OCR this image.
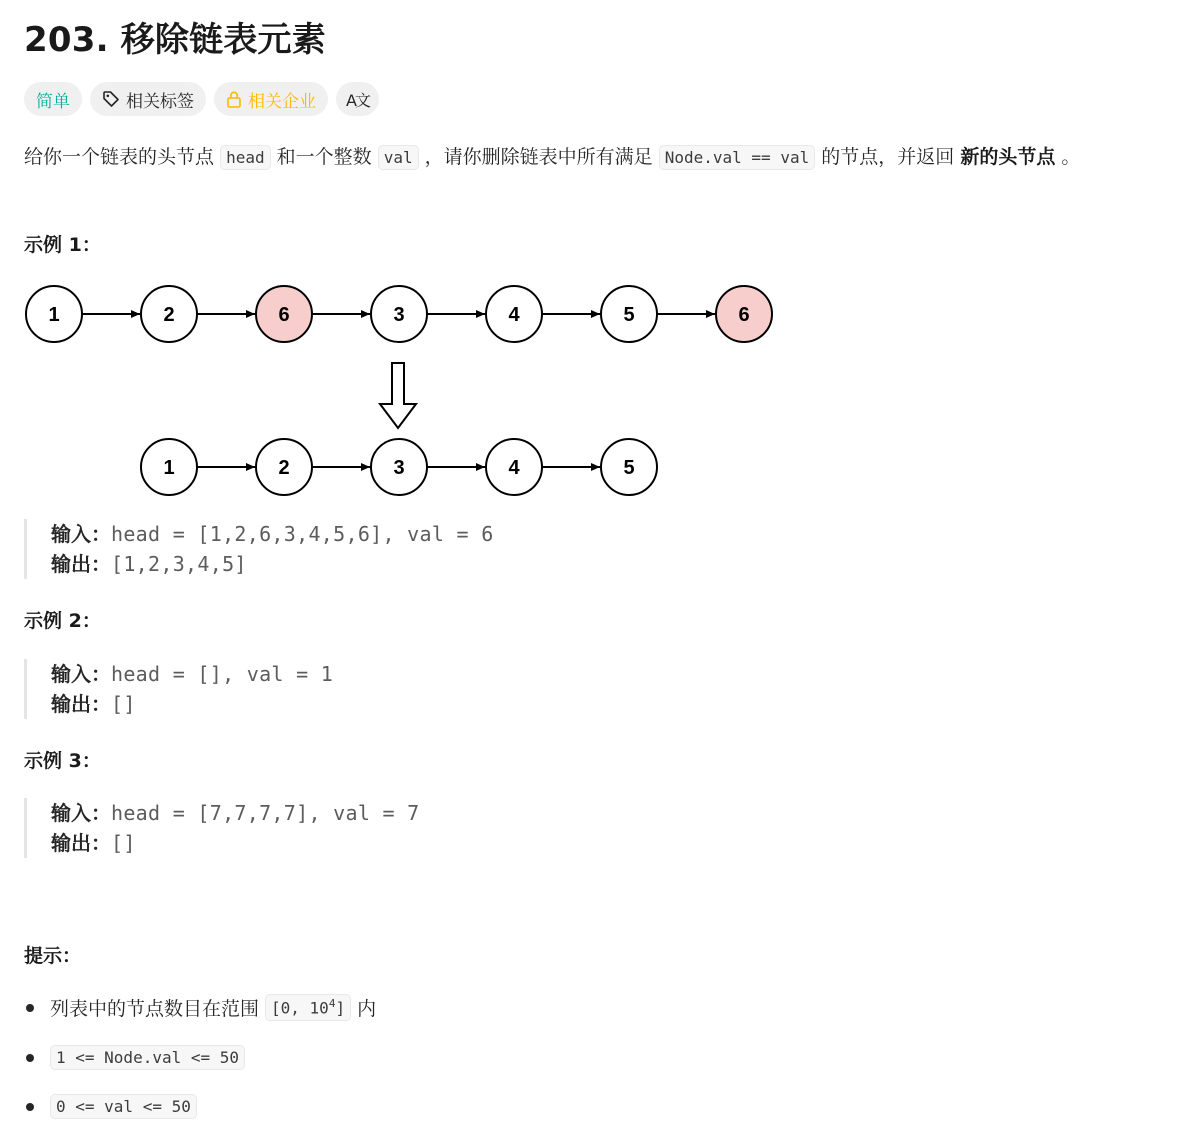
203. 移除链表元素
简单	相关标签	相关企业 A文
给你一个链表的头节点 head 和一个整数 val ，请你删除链表中所有满足 Node.val == val 的节点，并返回 新的头节点 。
示例 1：
1	2	6	3	4	5	6
1	2	3	4	5
输入：head = [1,2,6,3,4,5,6], val = 6
输出：[1,2,3,4,5]
示例 2：
输入：head = [], val = 1
输出：[]
示例 3：
输入：head = [7,7,7,7], val = 7
输出：[]
提示：
列表中的节点数目在范围 [0, $10^4$] 内
1 <= Node.val <= 50
0 <= val <= 50
